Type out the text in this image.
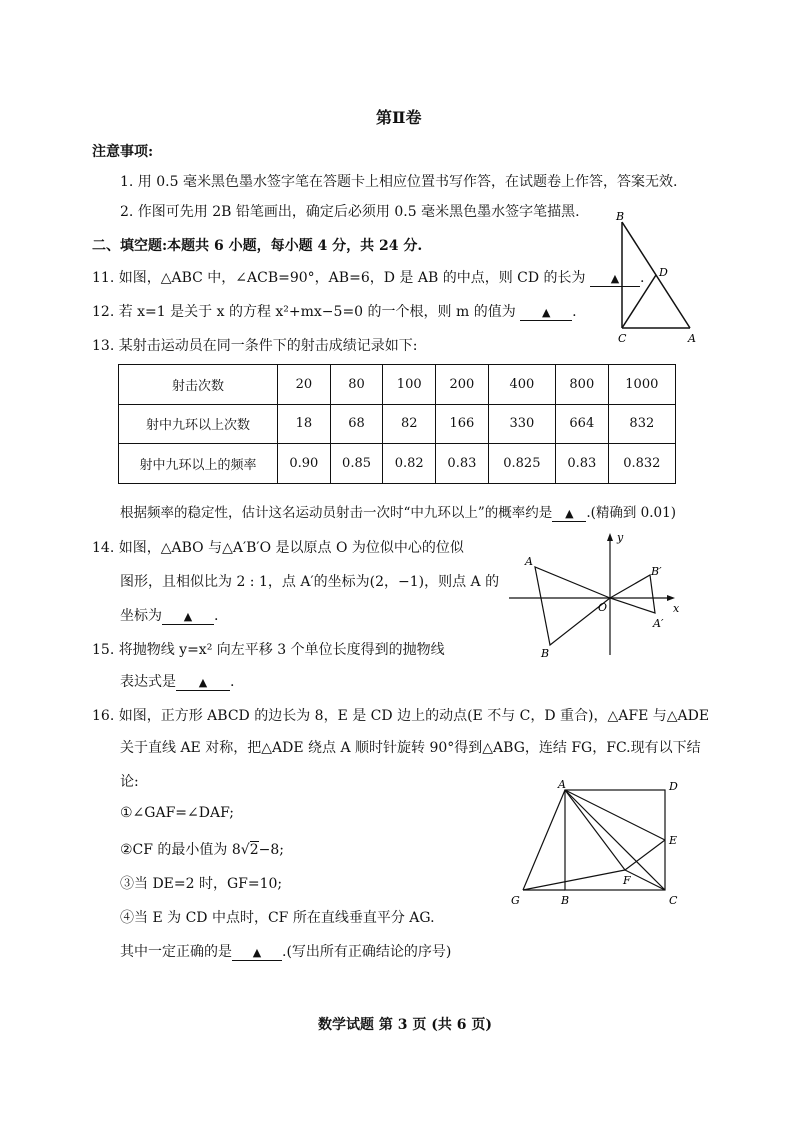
第Ⅱ卷
注意事项:
1. 用 0.5 毫米黑色墨水签字笔在答题卡上相应位置书写作答，在试题卷上作答，答案无效.
2. 作图可先用 2B 铅笔画出，确定后必须用 0.5 毫米黑色墨水签字笔描黑.
二、填空题:本题共 6 小题，每小题 4 分，共 24 分.
11. 如图，△ABC 中，∠ACB=90°，AB=6，D 是 AB 的中点，则 CD 的长为 ▲ .
12. 若 x=1 是关于 x 的方程 x²+mx−5=0 的一个根，则 m 的值为 ▲ .
B
D
C	A
13. 某射击运动员在同一条件下的射击成绩记录如下:
射击次数	20	80	100	200	400	800	1000
射中九环以上次数	18	68	82	166	330	664	832
射中九环以上的频率	0.90	0.85	0.82	0.83	0.825	0.83	0.832
根据频率的稳定性，估计这名运动员射击一次时“中九环以上”的概率约是 ▲ .(精确到 0.01)
14. 如图，△ABO 与△A′B′O 是以原点 O 为位似中心的位似
图形，且相似比为 2 : 1，点 A′的坐标为(2，−1)，则点 A 的
坐标为 ▲ .
y
x
A
B
O
B′
A′
15. 将抛物线 y=x² 向左平移 3 个单位长度得到的抛物线
表达式是 ▲ .
16. 如图，正方形 ABCD 的边长为 8，E 是 CD 边上的动点(E 不与 C，D 重合)，△AFE 与△ADE
关于直线 AE 对称，把△ADE 绕点 A 顺时针旋转 90°得到△ABG，连结 FG，FC.现有以下结
论:
①∠GAF=∠DAF;
②CF 的最小值为 8√2−8;
③当 DE=2 时，GF=10;
④当 E 为 CD 中点时，CF 所在直线垂直平分 AG.
其中一定正确的是 ▲ .(写出所有正确结论的序号)
A	D
E
F
G	B	C
数学试题 第 3 页 (共 6 页)
